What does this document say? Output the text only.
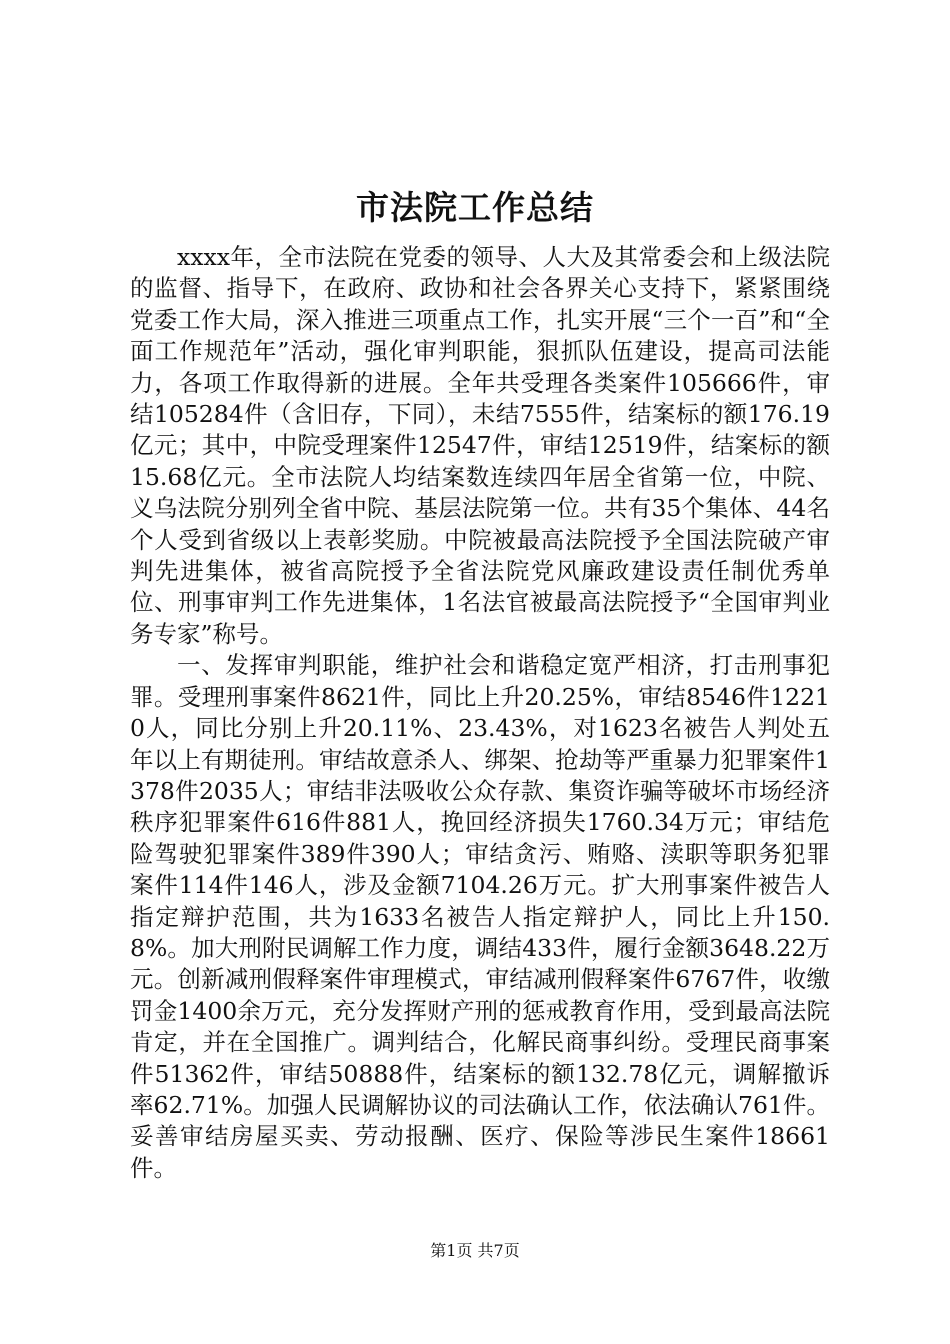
市法院工作总结

xxxx年，全市法院在党委的领导、人大及其常委会和上级法院的监督、指导下，在政府、政协和社会各界关心支持下，紧紧围绕党委工作大局，深入推进三项重点工作，扎实开展“三个一百”和“全面工作规范年”活动，强化审判职能，狠抓队伍建设，提高司法能力，各项工作取得新的进展。全年共受理各类案件105666件，审结105284件（含旧存，下同），未结7555件，结案标的额176.19亿元；其中，中院受理案件12547件，审结12519件，结案标的额15.68亿元。全市法院人均结案数连续四年居全省第一位，中院、义乌法院分别列全省中院、基层法院第一位。共有35个集体、44名个人受到省级以上表彰奖励。中院被最高法院授予全国法院破产审判先进集体，被省高院授予全省法院党风廉政建设责任制优秀单位、刑事审判工作先进集体，1名法官被最高法院授予“全国审判业务专家”称号。

一、发挥审判职能，维护社会和谐稳定宽严相济，打击刑事犯罪。受理刑事案件8621件，同比上升20.25%，审结8546件12210人，同比分别上升20.11%、23.43%，对1623名被告人判处五年以上有期徒刑。审结故意杀人、绑架、抢劫等严重暴力犯罪案件1378件2035人；审结非法吸收公众存款、集资诈骗等破坏市场经济秩序犯罪案件616件881人，挽回经济损失1760.34万元；审结危险驾驶犯罪案件389件390人；审结贪污、贿赂、渎职等职务犯罪案件114件146人，涉及金额7104.26万元。扩大刑事案件被告人指定辩护范围，共为1633名被告人指定辩护人，同比上升150.8%。加大刑附民调解工作力度，调结433件，履行金额3648.22万元。创新减刑假释案件审理模式，审结减刑假释案件6767件，收缴罚金1400余万元，充分发挥财产刑的惩戒教育作用，受到最高法院肯定，并在全国推广。调判结合，化解民商事纠纷。受理民商事案件51362件，审结50888件，结案标的额132.78亿元，调解撤诉率62.71%。加强人民调解协议的司法确认工作，依法确认761件。妥善审结房屋买卖、劳动报酬、医疗、保险等涉民生案件18661件。

第1页 共7页
